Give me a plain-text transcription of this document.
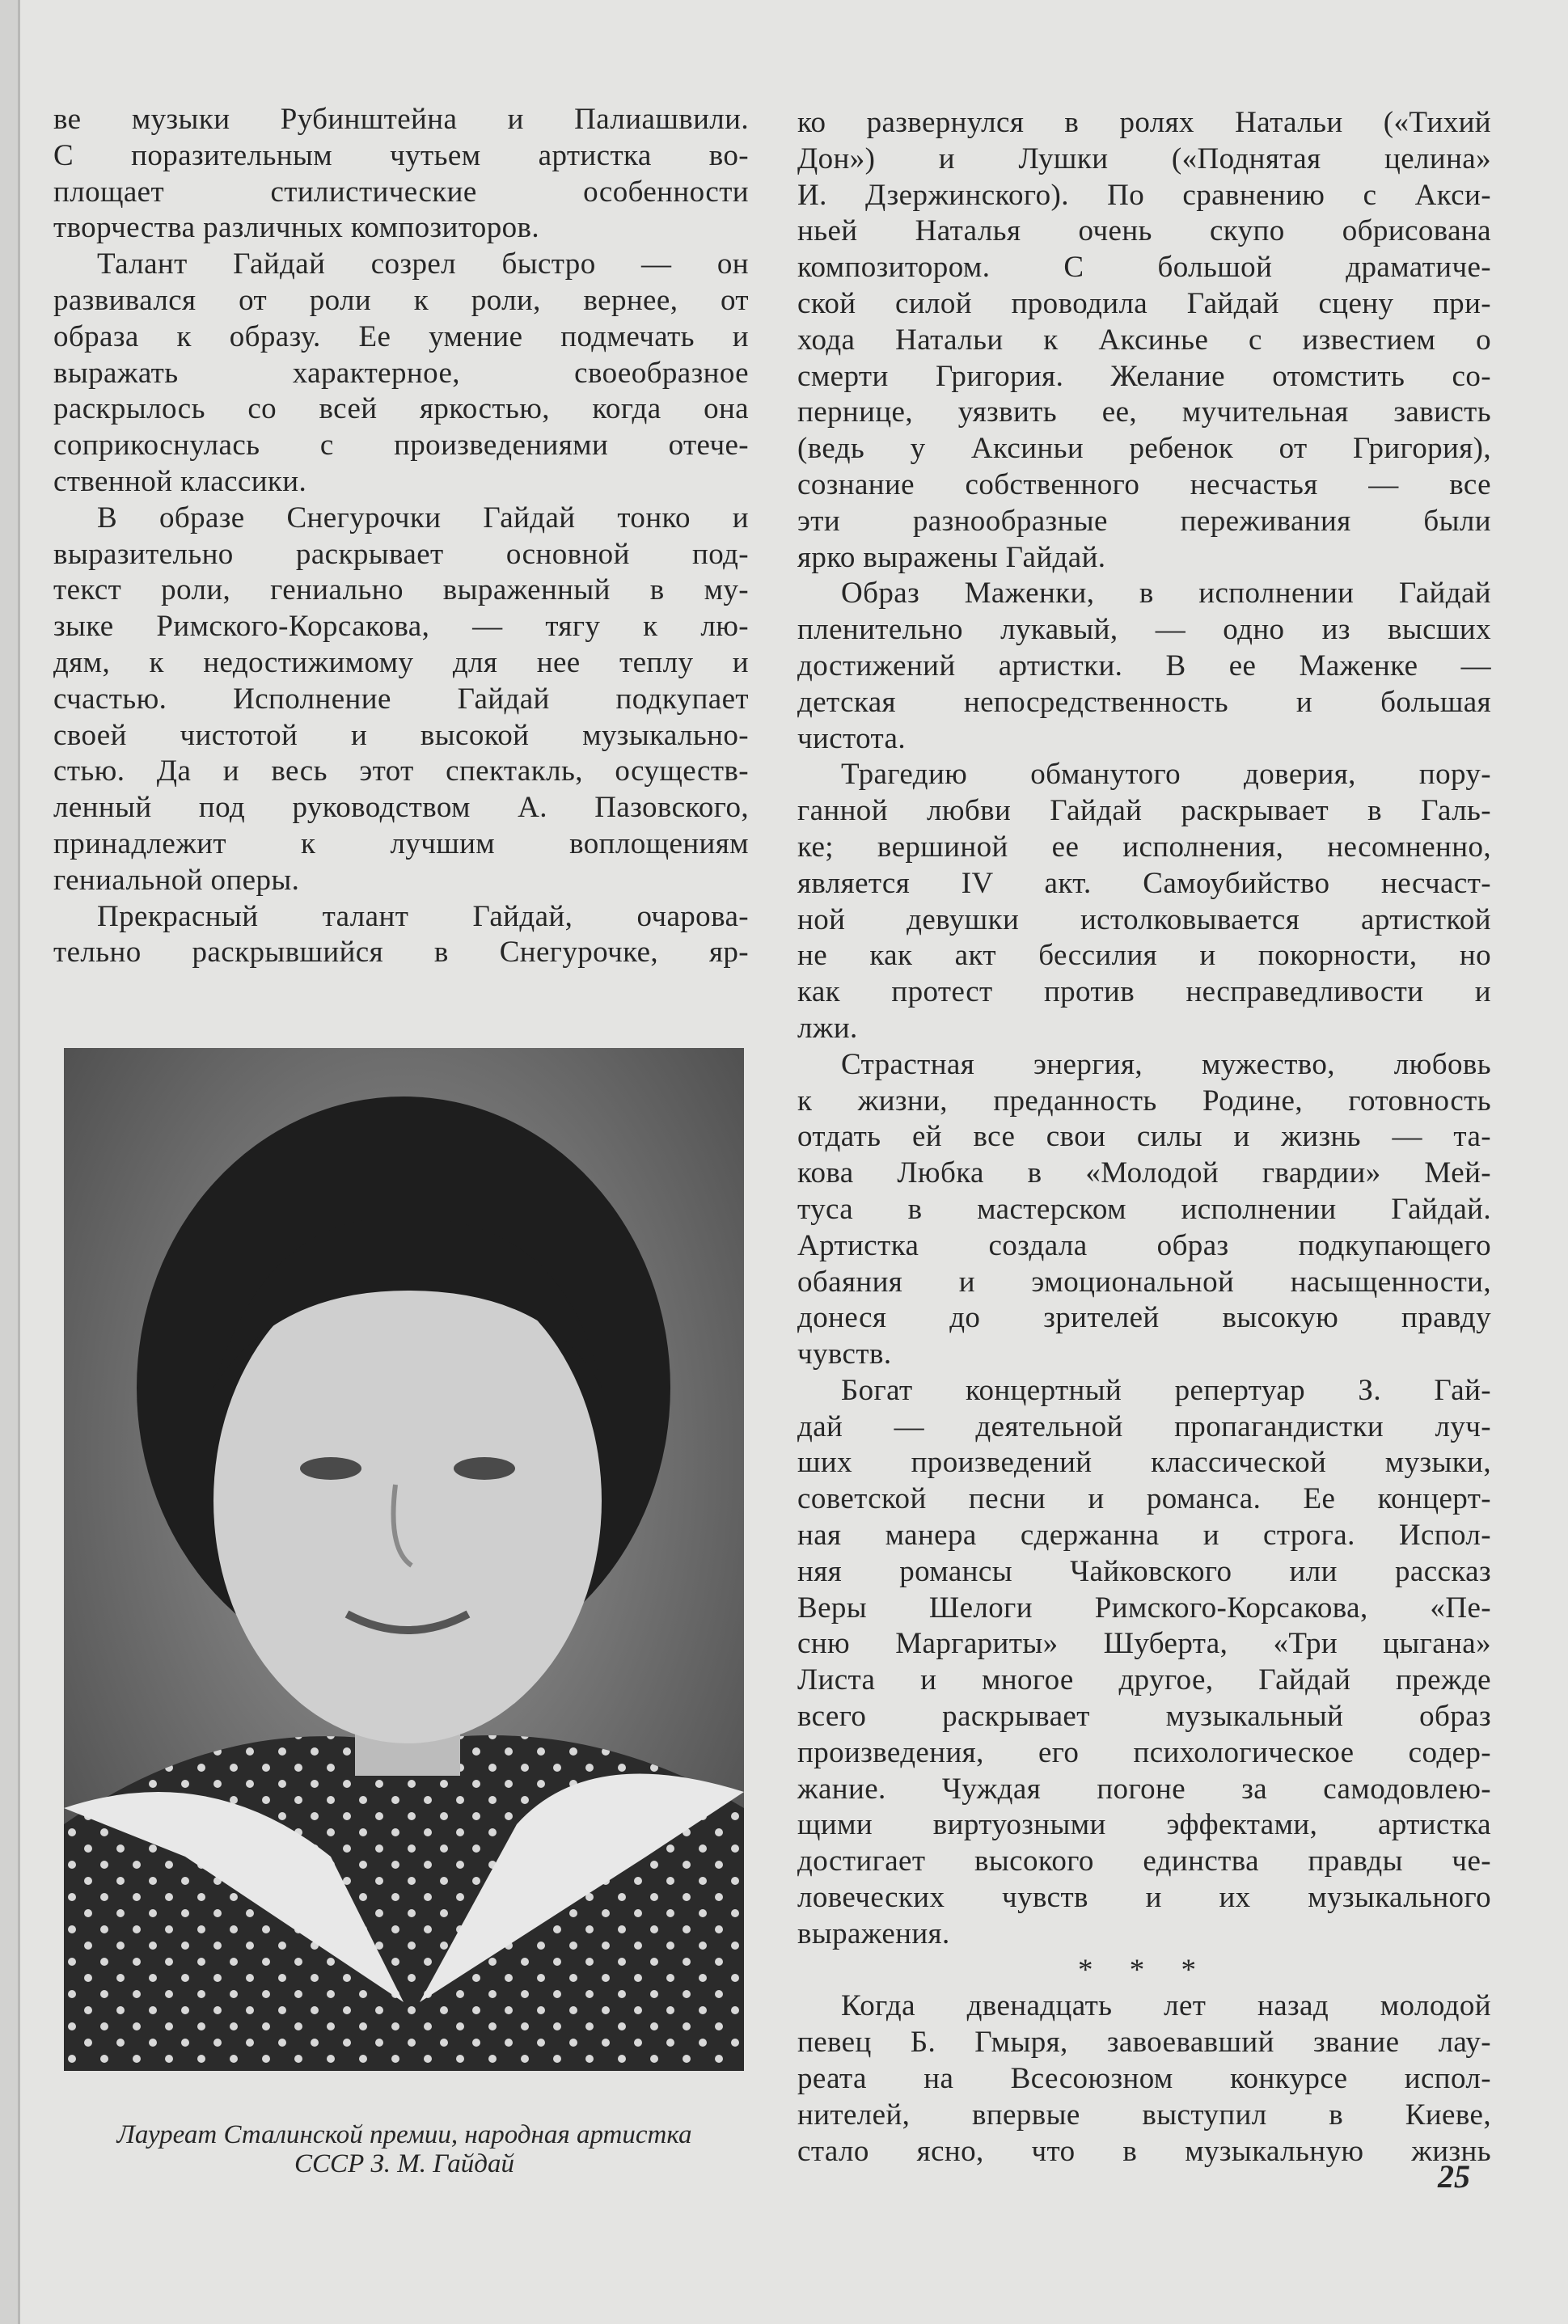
ве музыки Рубинштейна и Палиашвили.
С поразительным чутьем артистка во-
площает стилистические особенности
творчества различных композиторов.
Талант Гайдай созрел быстро — он
развивался от роли к роли, вернее, от
образа к образу. Ее умение подмечать и
выражать характерное, своеобразное
раскрылось со всей яркостью, когда она
соприкоснулась с произведениями отече-
ственной классики.
В образе Снегурочки Гайдай тонко и
выразительно раскрывает основной под-
текст роли, гениально выраженный в му-
зыке Римского-Корсакова, — тягу к лю-
дям, к недостижимому для нее теплу и
счастью. Исполнение Гайдай подкупает
своей чистотой и высокой музыкально-
стью. Да и весь этот спектакль, осуществ-
ленный под руководством А. Пазовского,
принадлежит к лучшим воплощениям
гениальной оперы.
Прекрасный талант Гайдай, очарова-
тельно раскрывшийся в Снегурочке, яр-
ко развернулся в ролях Натальи («Тихий
Дон») и Лушки («Поднятая целина»
И. Дзержинского). По сравнению с Акси-
ньей Наталья очень скупо обрисована
композитором. С большой драматиче-
ской силой проводила Гайдай сцену при-
хода Натальи к Аксинье с известием о
смерти Григория. Желание отомстить со-
пернице, уязвить ее, мучительная зависть
(ведь у Аксиньи ребенок от Григория),
сознание собственного несчастья — все
эти разнообразные переживания были
ярко выражены Гайдай.
Образ Маженки, в исполнении Гайдай
пленительно лукавый, — одно из высших
достижений артистки. В ее Маженке —
детская непосредственность и большая
чистота.
Трагедию обманутого доверия, пору-
ганной любви Гайдай раскрывает в Галь-
ке; вершиной ее исполнения, несомненно,
является IV акт. Самоубийство несчаст-
ной девушки истолковывается артисткой
не как акт бессилия и покорности, но
как протест против несправедливости и
лжи.
Страстная энергия, мужество, любовь
к жизни, преданность Родине, готовность
отдать ей все свои силы и жизнь — та-
кова Любка в «Молодой гвардии» Мей-
туса в мастерском исполнении Гайдай.
Артистка создала образ подкупающего
обаяния и эмоциональной насыщенности,
донеся до зрителей высокую правду
чувств.
Богат концертный репертуар З. Гай-
дай — деятельной пропагандистки луч-
ших произведений классической музыки,
советской песни и романса. Ее концерт-
ная манера сдержанна и строга. Испол-
няя романсы Чайковского или рассказ
Веры Шелоги Римского-Корсакова, «Пе-
сню Маргариты» Шуберта, «Три цыгана»
Листа и многое другое, Гайдай прежде
всего раскрывает музыкальный образ
произведения, его психологическое содер-
жание. Чуждая погоне за самодовлею-
щими виртуозными эффектами, артистка
достигает высокого единства правды че-
ловеческих чувств и их музыкального
выражения.
* * *
Когда двенадцать лет назад молодой
певец Б. Гмыря, завоевавший звание лау-
реата на Всесоюзном конкурсе испол-
нителей, впервые выступил в Киеве,
стало ясно, что в музыкальную жизнь
Лауреат Сталинской премии, народная артистка
СССР З. М. Гайдай	25
